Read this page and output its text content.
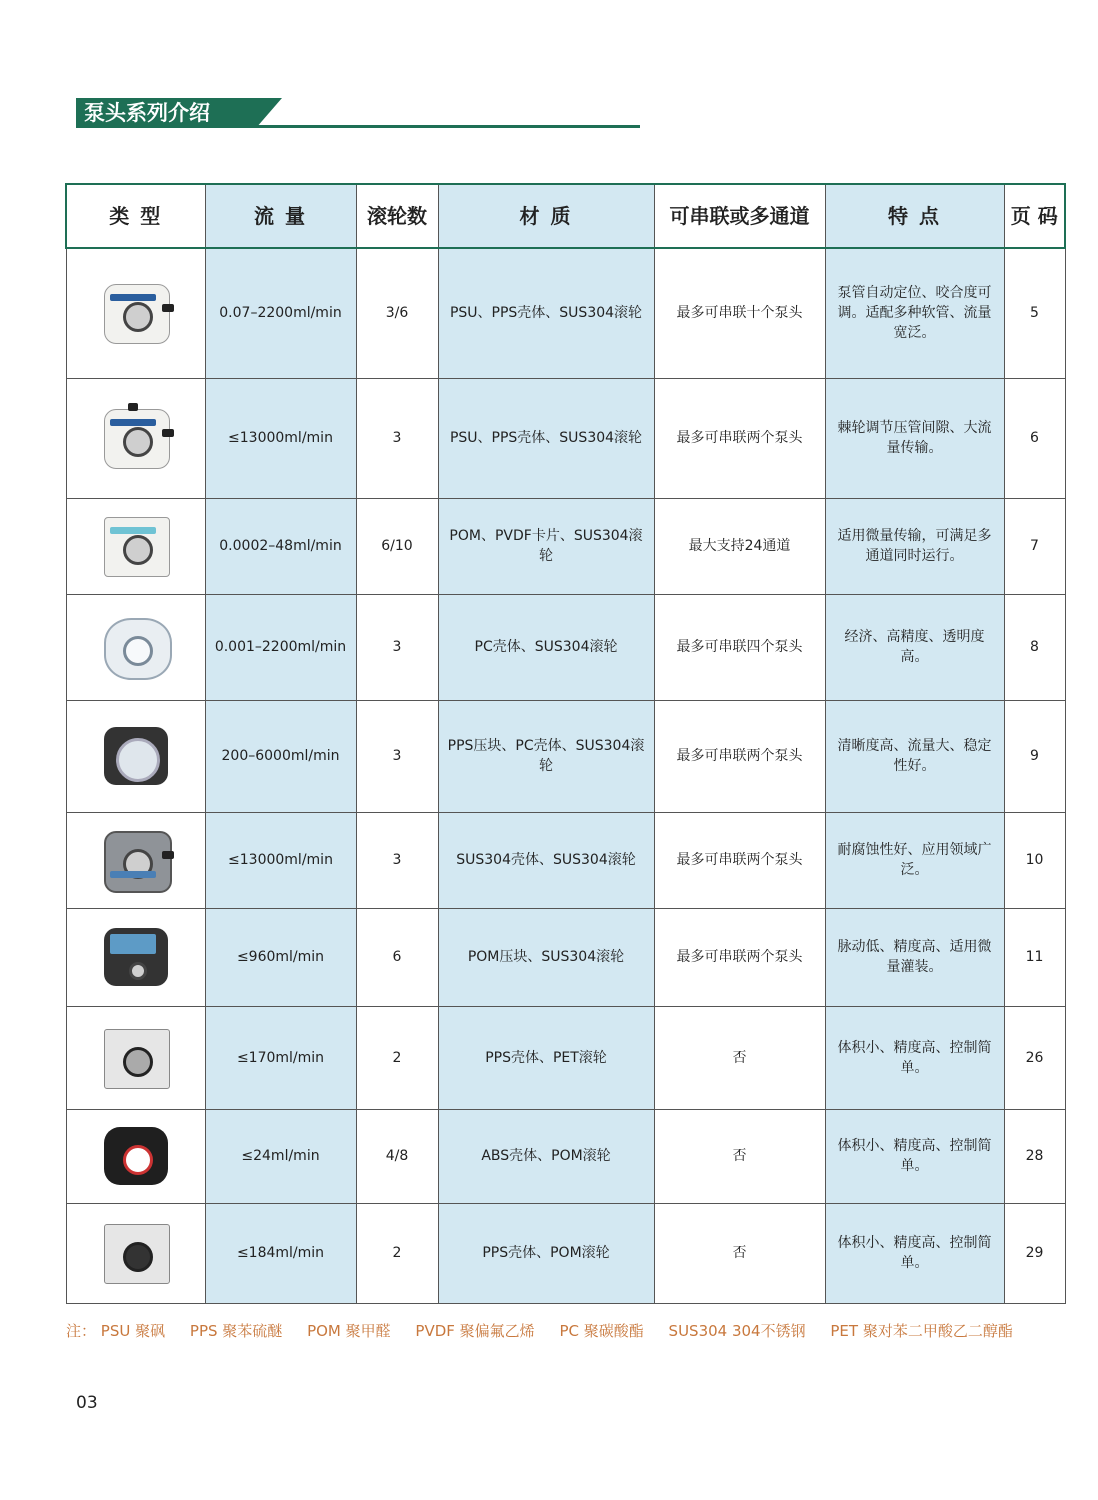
泵头系列介绍
类 型	流 量	滚轮数	材 质	可串联或多通道	特 点	页 码

	0.07–2200ml/min	3/6	PSU、PPS壳体、SUS304滚轮	最多可串联十个泵头	泵管自动定位、咬合度可调。适配多种软管、流量宽泛。	5

	≤13000ml/min	3	PSU、PPS壳体、SUS304滚轮	最多可串联两个泵头	棘轮调节压管间隙、大流量传输。	6

	0.0002–48ml/min	6/10	POM、PVDF卡片、SUS304滚轮	最大支持24通道	适用微量传输，可满足多通道同时运行。	7

	0.001–2200ml/min	3	PC壳体、SUS304滚轮	最多可串联四个泵头	经济、高精度、透明度高。	8

	200–6000ml/min	3	PPS压块、PC壳体、SUS304滚轮	最多可串联两个泵头	清晰度高、流量大、稳定性好。	9

	≤13000ml/min	3	SUS304壳体、SUS304滚轮	最多可串联两个泵头	耐腐蚀性好、应用领域广泛。	10

	≤960ml/min	6	POM压块、SUS304滚轮	最多可串联两个泵头	脉动低、精度高、适用微量灌装。	11

	≤170ml/min	2	PPS壳体、PET滚轮	否	体积小、精度高、控制简单。	26

	≤24ml/min	4/8	ABS壳体、POM滚轮	否	体积小、精度高、控制简单。	28

	≤184ml/min	2	PPS壳体、POM滚轮	否	体积小、精度高、控制简单。	29
注： PSU 聚砜 PPS 聚苯硫醚 POM 聚甲醛 PVDF 聚偏氟乙烯 PC 聚碳酸酯 SUS304 304不锈钢 PET 聚对苯二甲酸乙二醇酯
03
